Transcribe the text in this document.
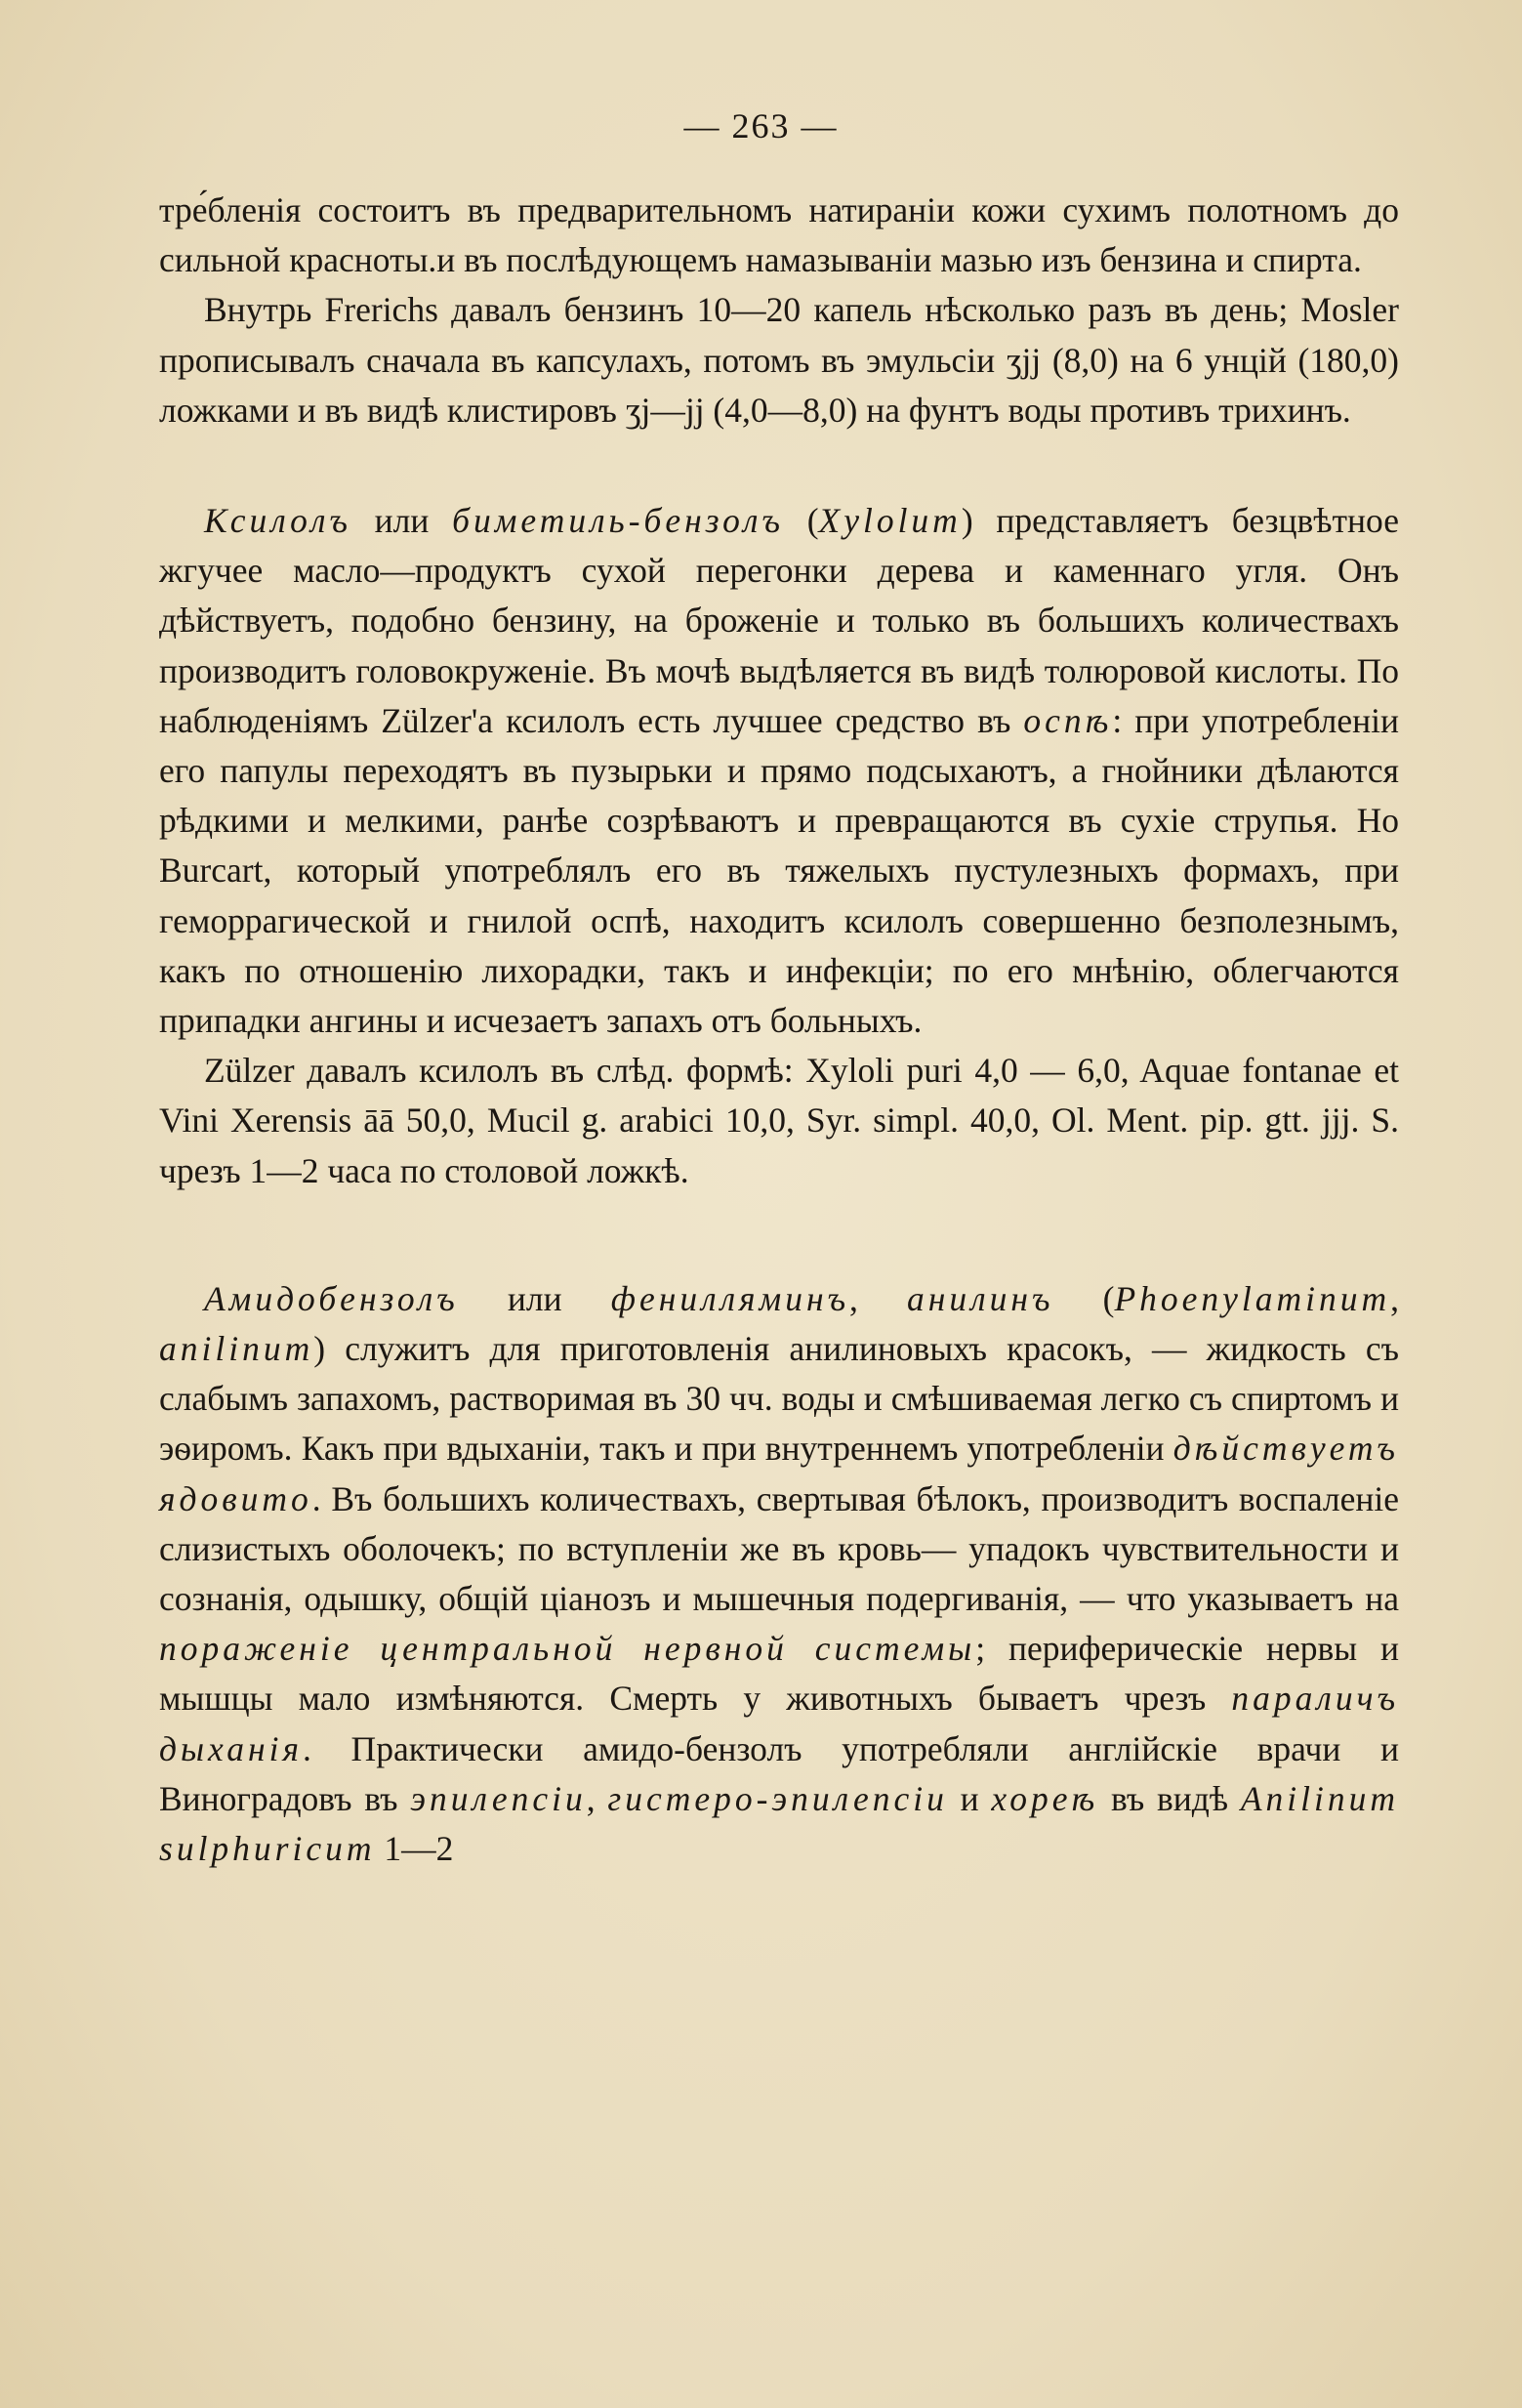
— 263 —

тре́бленія состоитъ въ предварительномъ натираніи кожи сухимъ полотномъ до сильной красноты.и въ послѣдующемъ намазываніи мазью изъ бензина и спирта.

Внутрь Frerichs давалъ бензинъ 10—20 капель нѣсколько разъ въ день; Mosler прописывалъ сначала въ капсулахъ, потомъ въ эмульсіи ʒjj (8,0) на 6 унцій (180,0) ложками и въ видѣ клистировъ ʒj—jj (4,0—8,0) на фунтъ воды противъ трихинъ.

Ксилолъ или биметиль-бензолъ (Xylolum) представляетъ безцвѣтное жгучее масло—продуктъ сухой перегонки дерева и каменнаго угля. Онъ дѣйствуетъ, подобно бензину, на броженіе и только въ большихъ количествахъ производитъ головокруженіе. Въ мочѣ выдѣляется въ видѣ толюровой кислоты. По наблюденіямъ Zülzer'а ксилолъ есть лучшее средство въ оспѣ: при употребленіи его папулы переходятъ въ пузырьки и прямо подсыхаютъ, а гнойники дѣлаются рѣдкими и мелкими, ранѣе созрѣваютъ и превращаются въ сухіе струпья. Но Burcart, который употреблялъ его въ тяжелыхъ пустулезныхъ формахъ, при геморрагической и гнилой оспѣ, находитъ ксилолъ совершенно безполезнымъ, какъ по отношенію лихорадки, такъ и инфекціи; по его мнѣнію, облегчаются припадки ангины и исчезаетъ запахъ отъ больныхъ.

Zülzer давалъ ксилолъ въ слѣд. формѣ: Xyloli puri 4,0 — 6,0, Aquae fontanae et Vini Xerensis āā 50,0, Mucil g. arabici 10,0, Syr. simpl. 40,0, Ol. Ment. pip. gtt. jjj. S. чрезъ 1—2 часа по столовой ложкѣ.

Амидобензолъ или фенилляминъ, анилинъ (Phoenylaminum, anilinum) служитъ для приготовленія анилиновыхъ красокъ, — жидкость съ слабымъ запахомъ, растворимая въ 30 чч. воды и смѣшиваемая легко съ спиртомъ и эѳиромъ. Какъ при вдыханіи, такъ и при внутреннемъ употребленіи дѣйствуетъ ядовито. Въ большихъ количествахъ, свертывая бѣлокъ, производитъ воспаленіе слизистыхъ оболочекъ; по вступленіи же въ кровь— упадокъ чувствительности и сознанія, одышку, общій ціанозъ и мышечныя подергиванія, — что указываетъ на пораженіе центральной нервной системы; периферическіе нервы и мышцы мало измѣняются. Смерть у животныхъ бываетъ чрезъ параличъ дыханія. Практически амидо-бензолъ употребляли англійскіе врачи и Виноградовъ въ эпилепсіи, гистеро-эпилепсіи и хореѣ въ видѣ Anilinum sulphuricum 1—2
